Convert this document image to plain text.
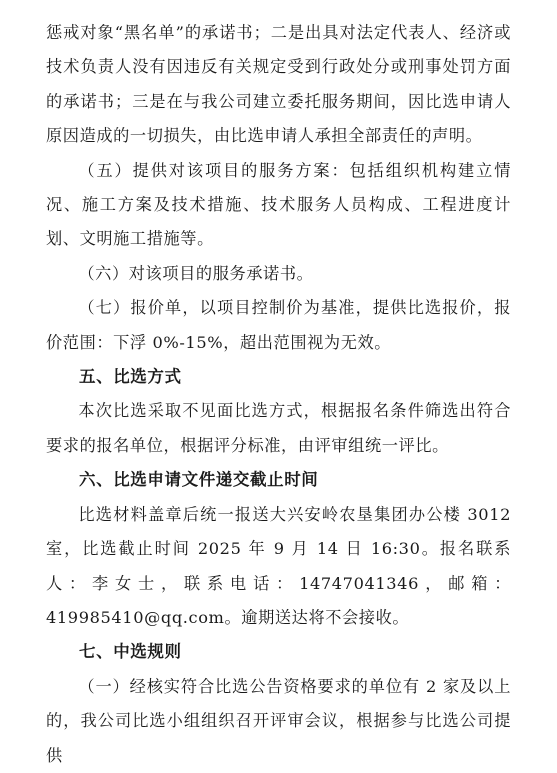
惩戒对象“黑名单”的承诺书；二是出具对法定代表人、经济或技术负责人没有因违反有关规定受到行政处分或刑事处罚方面的承诺书；三是在与我公司建立委托服务期间，因比选申请人原因造成的一切损失，由比选申请人承担全部责任的声明。

（五）提供对该项目的服务方案：包括组织机构建立情况、施工方案及技术措施、技术服务人员构成、工程进度计划、文明施工措施等。

（六）对该项目的服务承诺书。

（七）报价单，以项目控制价为基准，提供比选报价，报价范围：下浮 0%-15%，超出范围视为无效。

五、比选方式

本次比选采取不见面比选方式，根据报名条件筛选出符合要求的报名单位，根据评分标准，由评审组统一评比。

六、比选申请文件递交截止时间

比选材料盖章后统一报送大兴安岭农垦集团办公楼 3012 室，比选截止时间 2025 年 9 月 14 日 16:30。报名联系人：李女士，联系电话：14747041346，邮箱：419985410@qq.com。逾期送达将不会接收。

七、中选规则

（一）经核实符合比选公告资格要求的单位有 2 家及以上的，我公司比选小组组织召开评审会议，根据参与比选公司提供
